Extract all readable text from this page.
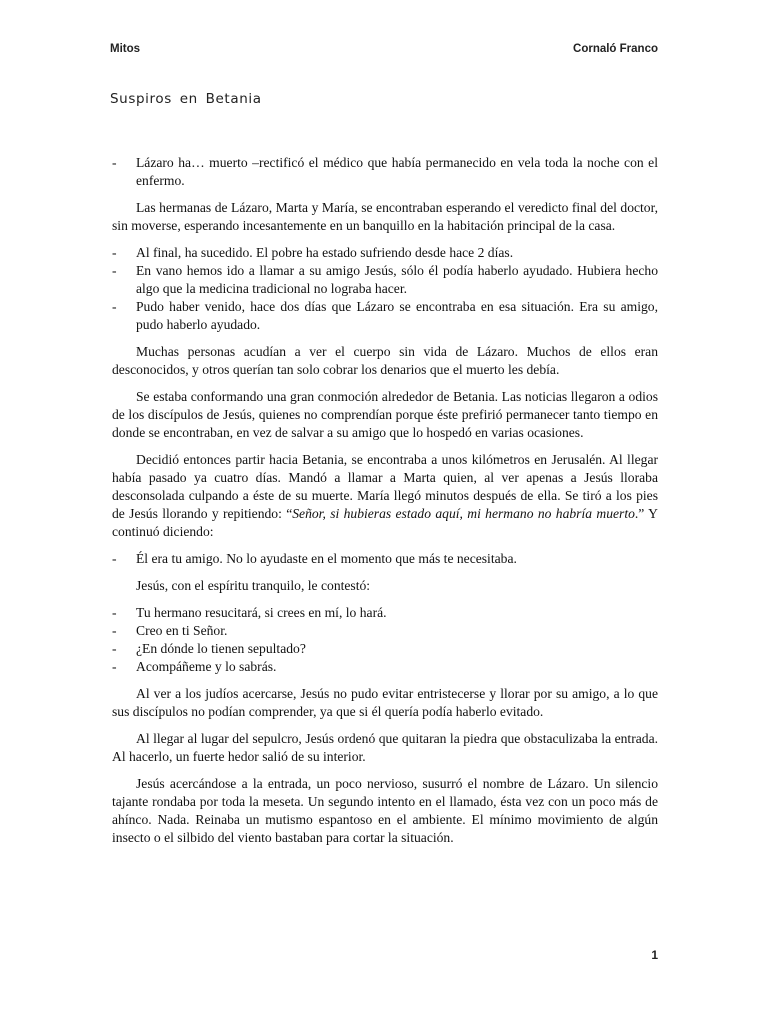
Mitos	Cornaló Franco
Suspiros en Betania
- Lázaro ha… muerto –rectificó el médico que había permanecido en vela toda la noche con el enfermo.

Las hermanas de Lázaro, Marta y María, se encontraban esperando el veredicto final del doctor, sin moverse, esperando incesantemente en un banquillo en la habitación principal de la casa.

- Al final, ha sucedido. El pobre ha estado sufriendo desde hace 2 días.
- En vano hemos ido a llamar a su amigo Jesús, sólo él podía haberlo ayudado. Hubiera hecho algo que la medicina tradicional no lograba hacer.
- Pudo haber venido, hace dos días que Lázaro se encontraba en esa situación. Era su amigo, pudo haberlo ayudado.

Muchas personas acudían a ver el cuerpo sin vida de Lázaro. Muchos de ellos eran desconocidos, y otros querían tan solo cobrar los denarios que el muerto les debía.

Se estaba conformando una gran conmoción alrededor de Betania. Las noticias llegaron a odios de los discípulos de Jesús, quienes no comprendían porque éste prefirió permanecer tanto tiempo en donde se encontraban, en vez de salvar a su amigo que lo hospedó en varias ocasiones.

Decidió entonces partir hacia Betania, se encontraba a unos kilómetros en Jerusalén. Al llegar había pasado ya cuatro días. Mandó a llamar a Marta quien, al ver apenas a Jesús lloraba desconsolada culpando a éste de su muerte. María llegó minutos después de ella. Se tiró a los pies de Jesús llorando y repitiendo: “Señor, si hubieras estado aquí, mi hermano no habría muerto.” Y continuó diciendo:

- Él era tu amigo. No lo ayudaste en el momento que más te necesitaba.

Jesús, con el espíritu tranquilo, le contestó:

- Tu hermano resucitará, si crees en mí, lo hará.
- Creo en ti Señor.
- ¿En dónde lo tienen sepultado?
- Acompáñeme y lo sabrás.

Al ver a los judíos acercarse, Jesús no pudo evitar entristecerse y llorar por su amigo, a lo que sus discípulos no podían comprender, ya que si él quería podía haberlo evitado.

Al llegar al lugar del sepulcro, Jesús ordenó que quitaran la piedra que obstaculizaba la entrada. Al hacerlo, un fuerte hedor salió de su interior.

Jesús acercándose a la entrada, un poco nervioso, susurró el nombre de Lázaro. Un silencio tajante rondaba por toda la meseta. Un segundo intento en el llamado, ésta vez con un poco más de ahínco. Nada. Reinaba un mutismo espantoso en el ambiente. El mínimo movimiento de algún insecto o el silbido del viento bastaban para cortar la situación.

1
